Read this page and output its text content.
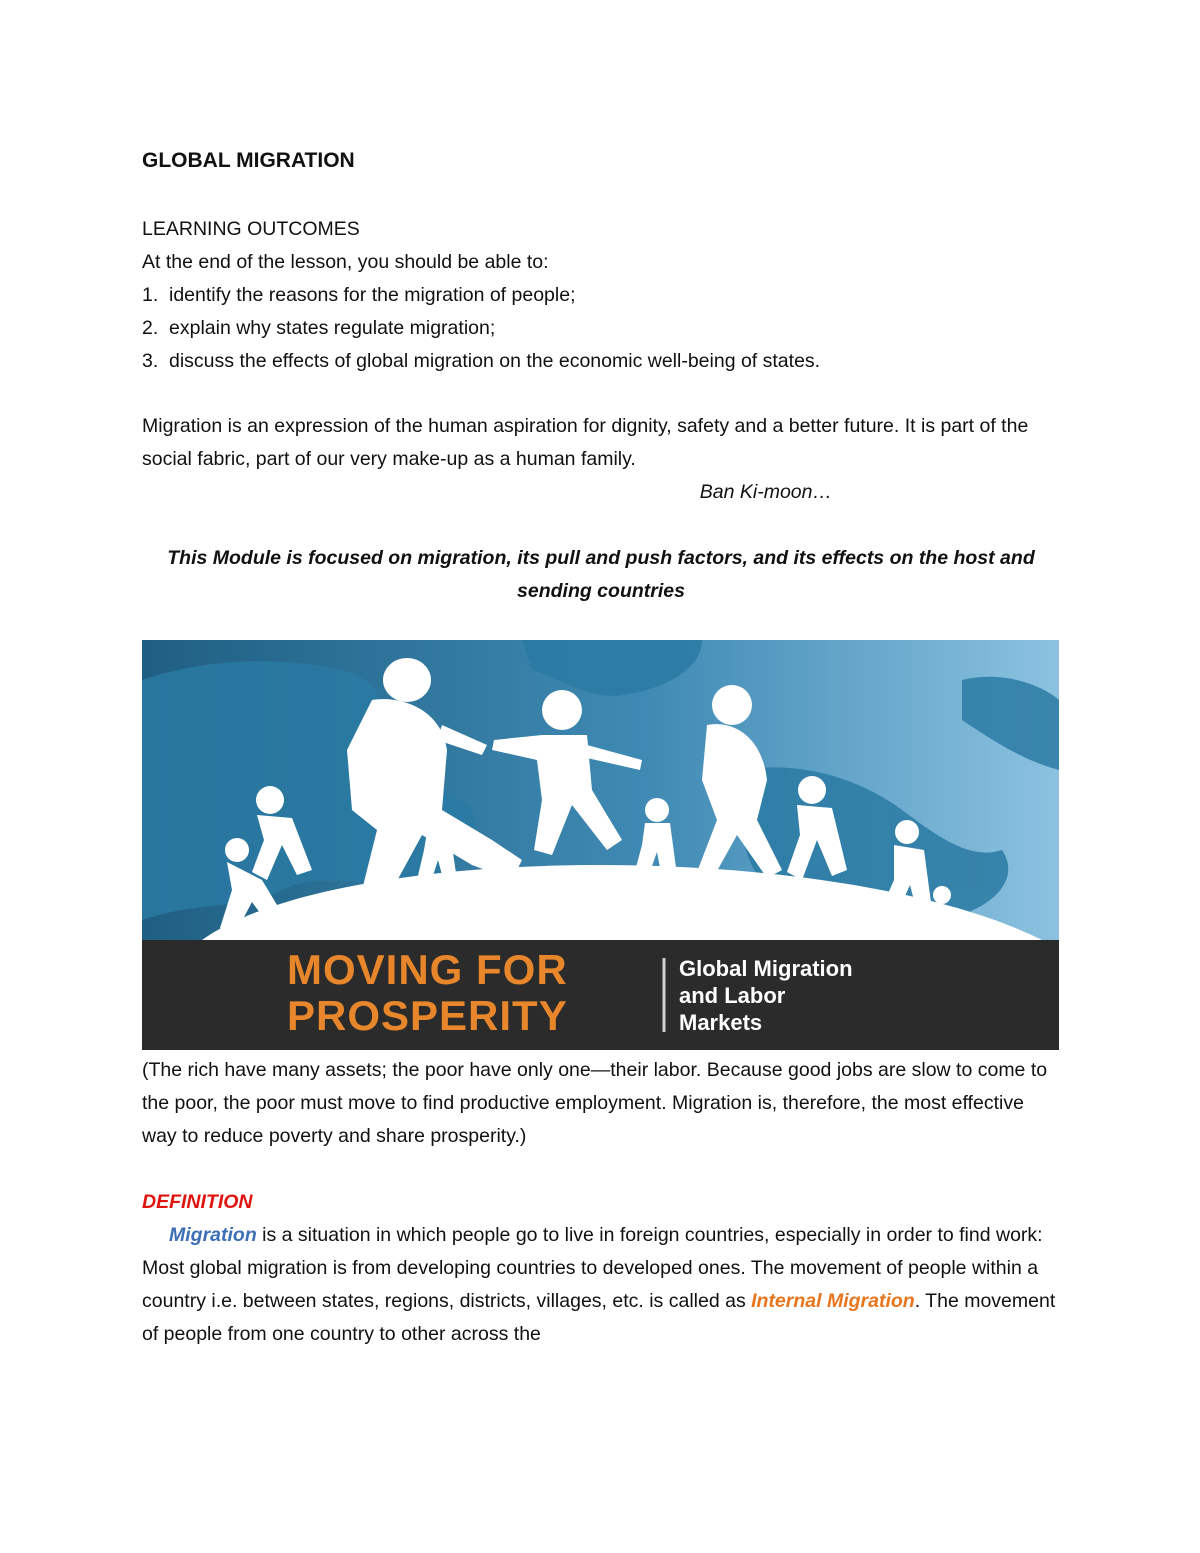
GLOBAL MIGRATION

LEARNING OUTCOMES

At the end of the lesson, you should be able to:

1. identify the reasons for the migration of people;
2. explain why states regulate migration;
3. discuss the effects of global migration on the economic well-being of states.

Migration is an expression of the human aspiration for dignity, safety and a better future. It is part of the social fabric, part of our very make-up as a human family.

Ban Ki-moon…

This Module is focused on migration, its pull and push factors, and its effects on the host and sending countries

MOVING FOR
PROSPERITY
Global Migration
and Labor
Markets

(The rich have many assets; the poor have only one—their labor. Because good jobs are slow to come to the poor, the poor must move to find productive employment. Migration is, therefore, the most effective way to reduce poverty and share prosperity.)

DEFINITION

Migration is a situation in which people go to live in foreign countries, especially in order to find work: Most global migration is from developing countries to developed ones. The movement of people within a country i.e. between states, regions, districts, villages, etc. is called as Internal Migration. The movement of people from one country to other across the
